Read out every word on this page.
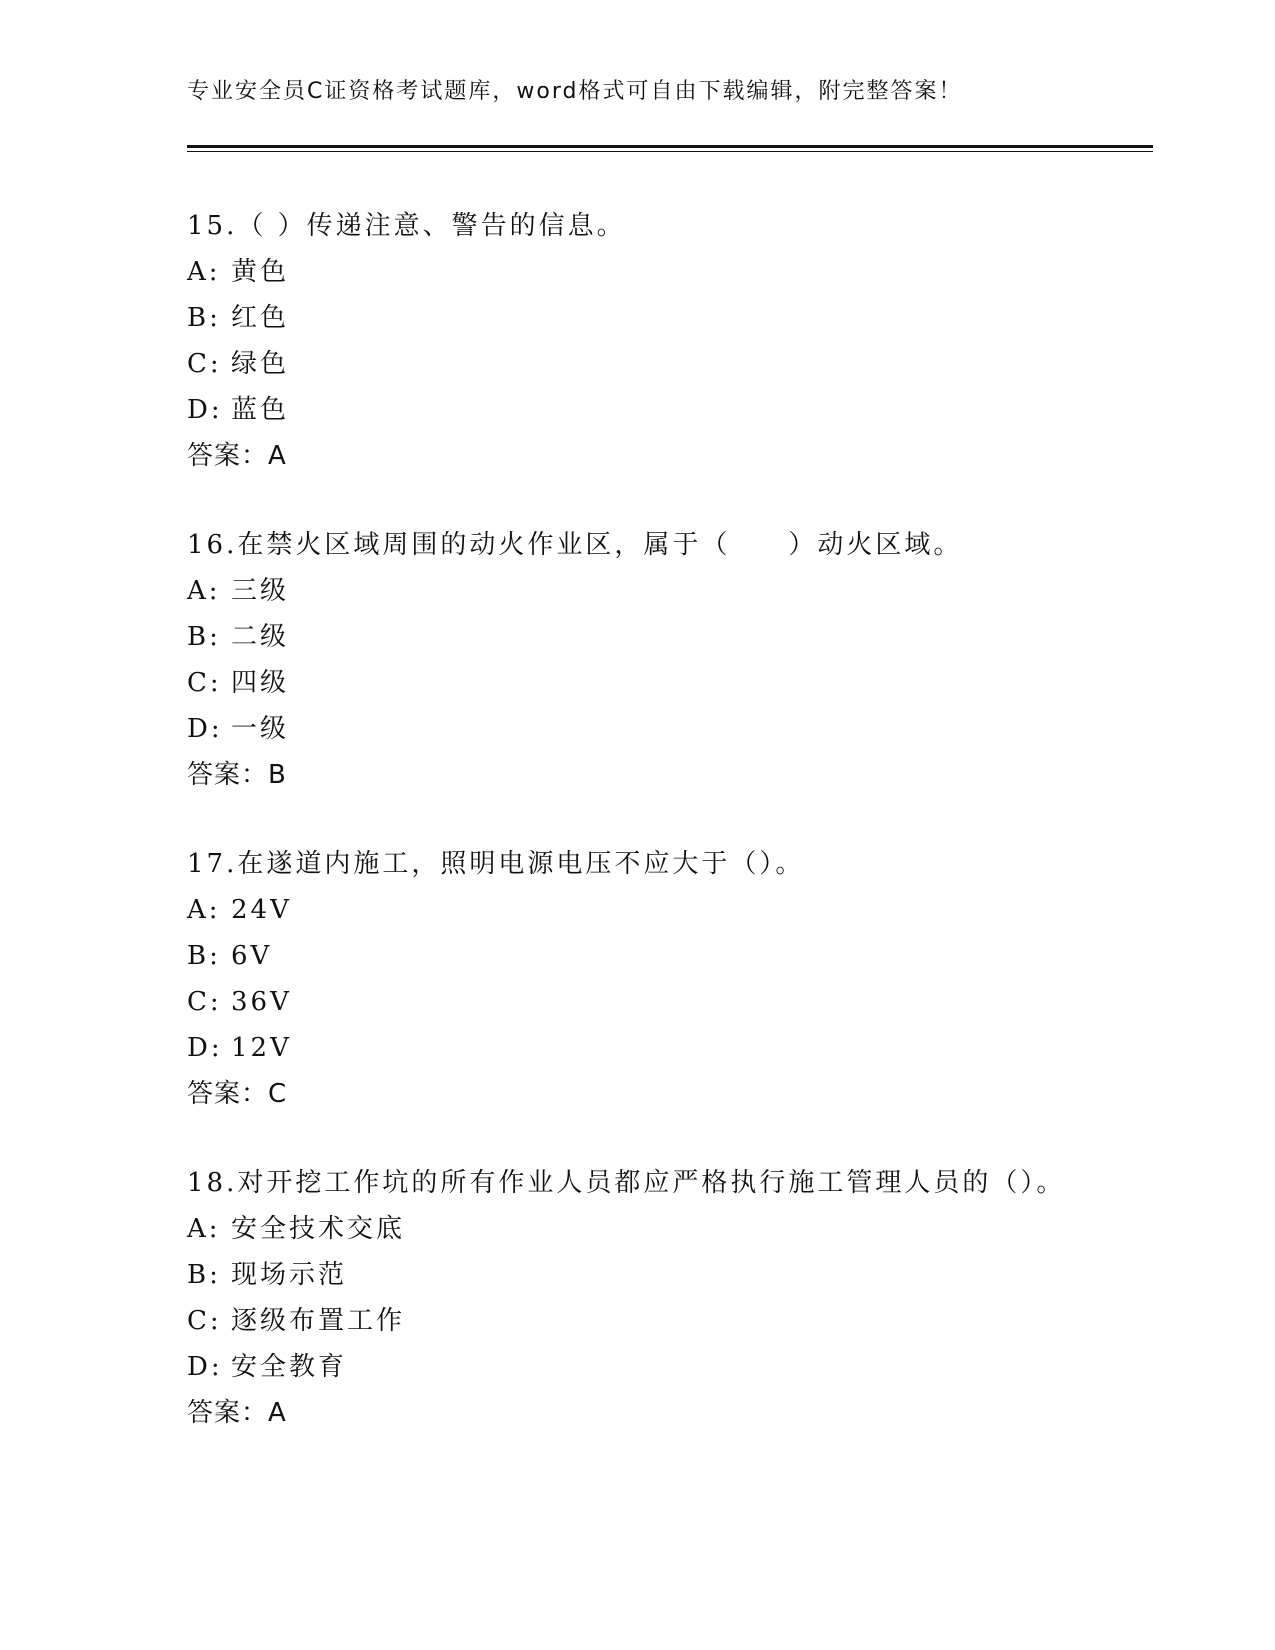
专业安全员C证资格考试题库，word格式可自由下载编辑，附完整答案！
15.（ ）传递注意、警告的信息。
A: 黄色
B: 红色
C: 绿色
D: 蓝色
答案：A
16.在禁火区域周围的动火作业区，属于（　　）动火区域。
A: 三级
B: 二级
C: 四级
D: 一级
答案：B
17.在遂道内施工，照明电源电压不应大于（）。
A: 24V
B: 6V
C: 36V
D: 12V
答案：C
18.对开挖工作坑的所有作业人员都应严格执行施工管理人员的（）。
A: 安全技术交底
B: 现场示范
C: 逐级布置工作
D: 安全教育
答案：A
